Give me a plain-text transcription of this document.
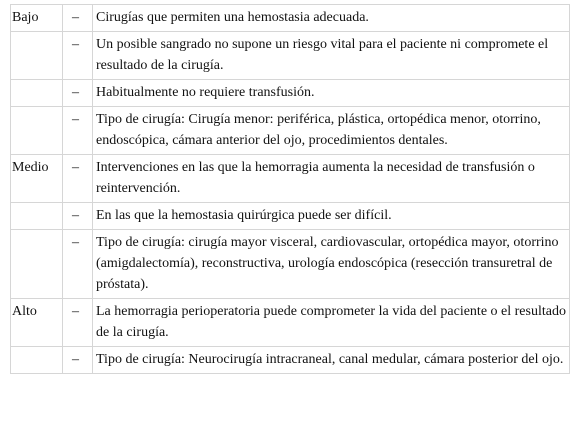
Bajo	–	Cirugías que permiten una hemostasia adecuada.
	–	Un posible sangrado no supone un riesgo vital para el paciente ni compromete el resultado de la cirugía.
	–	Habitualmente no requiere transfusión.
	–	Tipo de cirugía: Cirugía menor: periférica, plástica, ortopédica menor, otorrino, endoscópica, cámara anterior del ojo, procedimientos dentales.
Medio	–	Intervenciones en las que la hemorragia aumenta la necesidad de transfusión o reintervención.
	–	En las que la hemostasia quirúrgica puede ser difícil.
	–	Tipo de cirugía: cirugía mayor visceral, cardiovascular, ortopédica mayor, otorrino (amigdalectomía), reconstructiva, urología endoscópica (resección transuretral de próstata).
Alto	–	La hemorragia perioperatoria puede comprometer la vida del paciente o el resultado de la cirugía.
	–	Tipo de cirugía: Neurocirugía intracraneal, canal medular, cámara posterior del ojo.
